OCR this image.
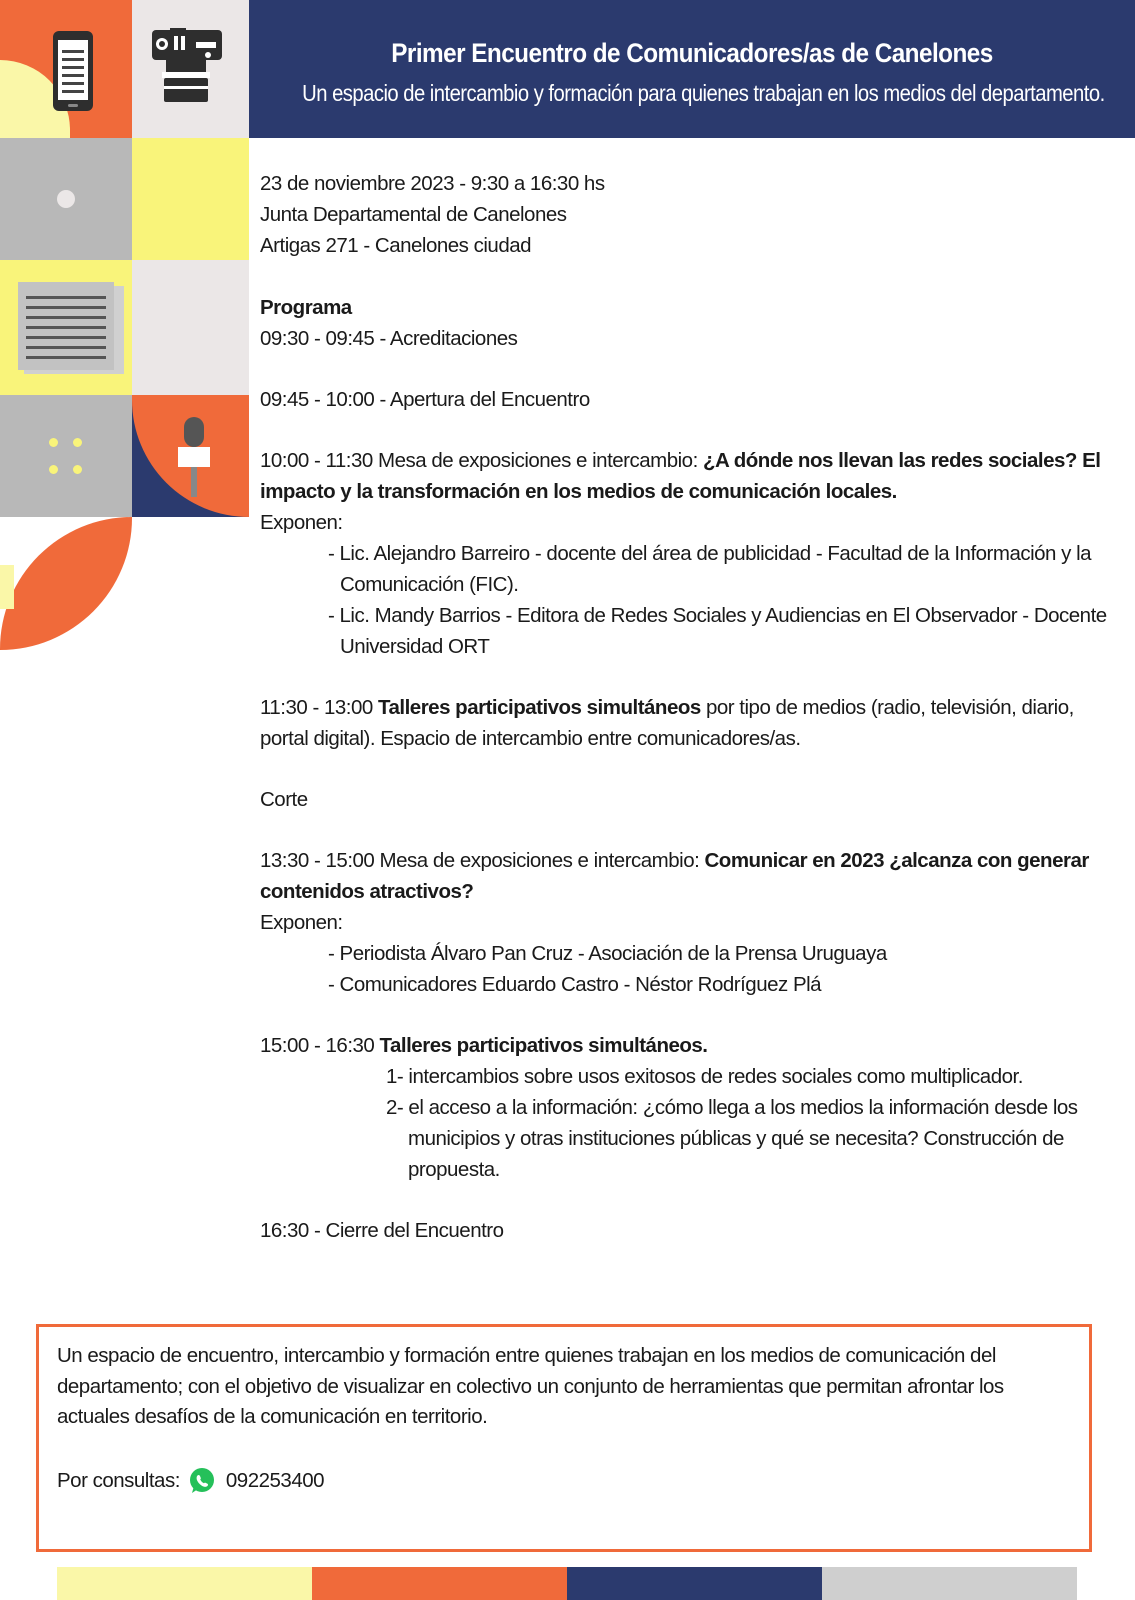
Primer Encuentro de Comunicadores/as de Canelones
Un espacio de intercambio y formación para quienes trabajan en los medios del departamento.

23 de noviembre 2023 - 9:30 a 16:30 hs

Junta Departamental de Canelones

Artigas 271 - Canelones ciudad

Programa

09:30 - 09:45 - Acreditaciones

09:45 - 10:00 - Apertura del Encuentro

10:00 - 11:30 Mesa de exposiciones e intercambio: ¿A dónde nos llevan las redes sociales? El impacto y la transformación en los medios de comunicación locales.

Exponen:

- Lic. Alejandro Barreiro - docente del área de publicidad - Facultad de la Información y la Comunicación (FIC).

- Lic. Mandy Barrios - Editora de Redes Sociales y Audiencias en El Observador - Docente Universidad ORT

11:30 - 13:00 Talleres participativos simultáneos por tipo de medios (radio, televisión, diario, portal digital). Espacio de intercambio entre comunicadores/as.

Corte

13:30 - 15:00 Mesa de exposiciones e intercambio: Comunicar en 2023 ¿alcanza con generar contenidos atractivos?

Exponen:

- Periodista Álvaro Pan Cruz - Asociación de la Prensa Uruguaya

- Comunicadores Eduardo Castro - Néstor Rodríguez Plá

15:00 - 16:30 Talleres participativos simultáneos.

1- intercambios sobre usos exitosos de redes sociales como multiplicador.

2- el acceso a la información: ¿cómo llega a los medios la información desde los municipios y otras instituciones públicas y qué se necesita? Construcción de propuesta.

16:30 - Cierre del Encuentro

Un espacio de encuentro, intercambio y formación entre quienes trabajan en los medios de comunicación del departamento; con el objetivo de visualizar en colectivo un conjunto de herramientas que permitan afrontar los actuales desafíos de la comunicación en territorio.
Por consultas: 092253400
